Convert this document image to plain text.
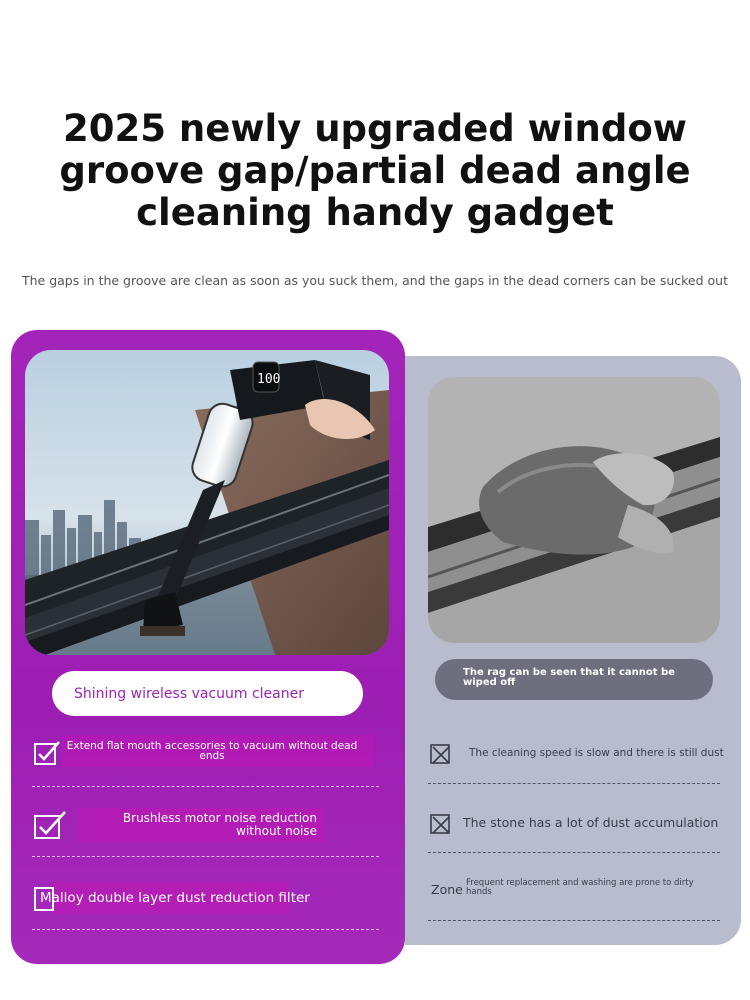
2025 newly upgraded window
groove gap/partial dead angle
cleaning handy gadget
The gaps in the groove are clean as soon as you suck them, and the gaps in the dead corners can be sucked out
100
Shining wireless vacuum cleaner
The rag can be seen that it cannot be wiped off
Extend flat mouth accessories to vacuum without dead ends
Brushless motor noise reduction without noise
Malloy double layer dust reduction filter
The cleaning speed is slow and there is still dust
The stone has a lot of dust accumulation
Zone Frequent replacement and washing are prone to dirty hands
